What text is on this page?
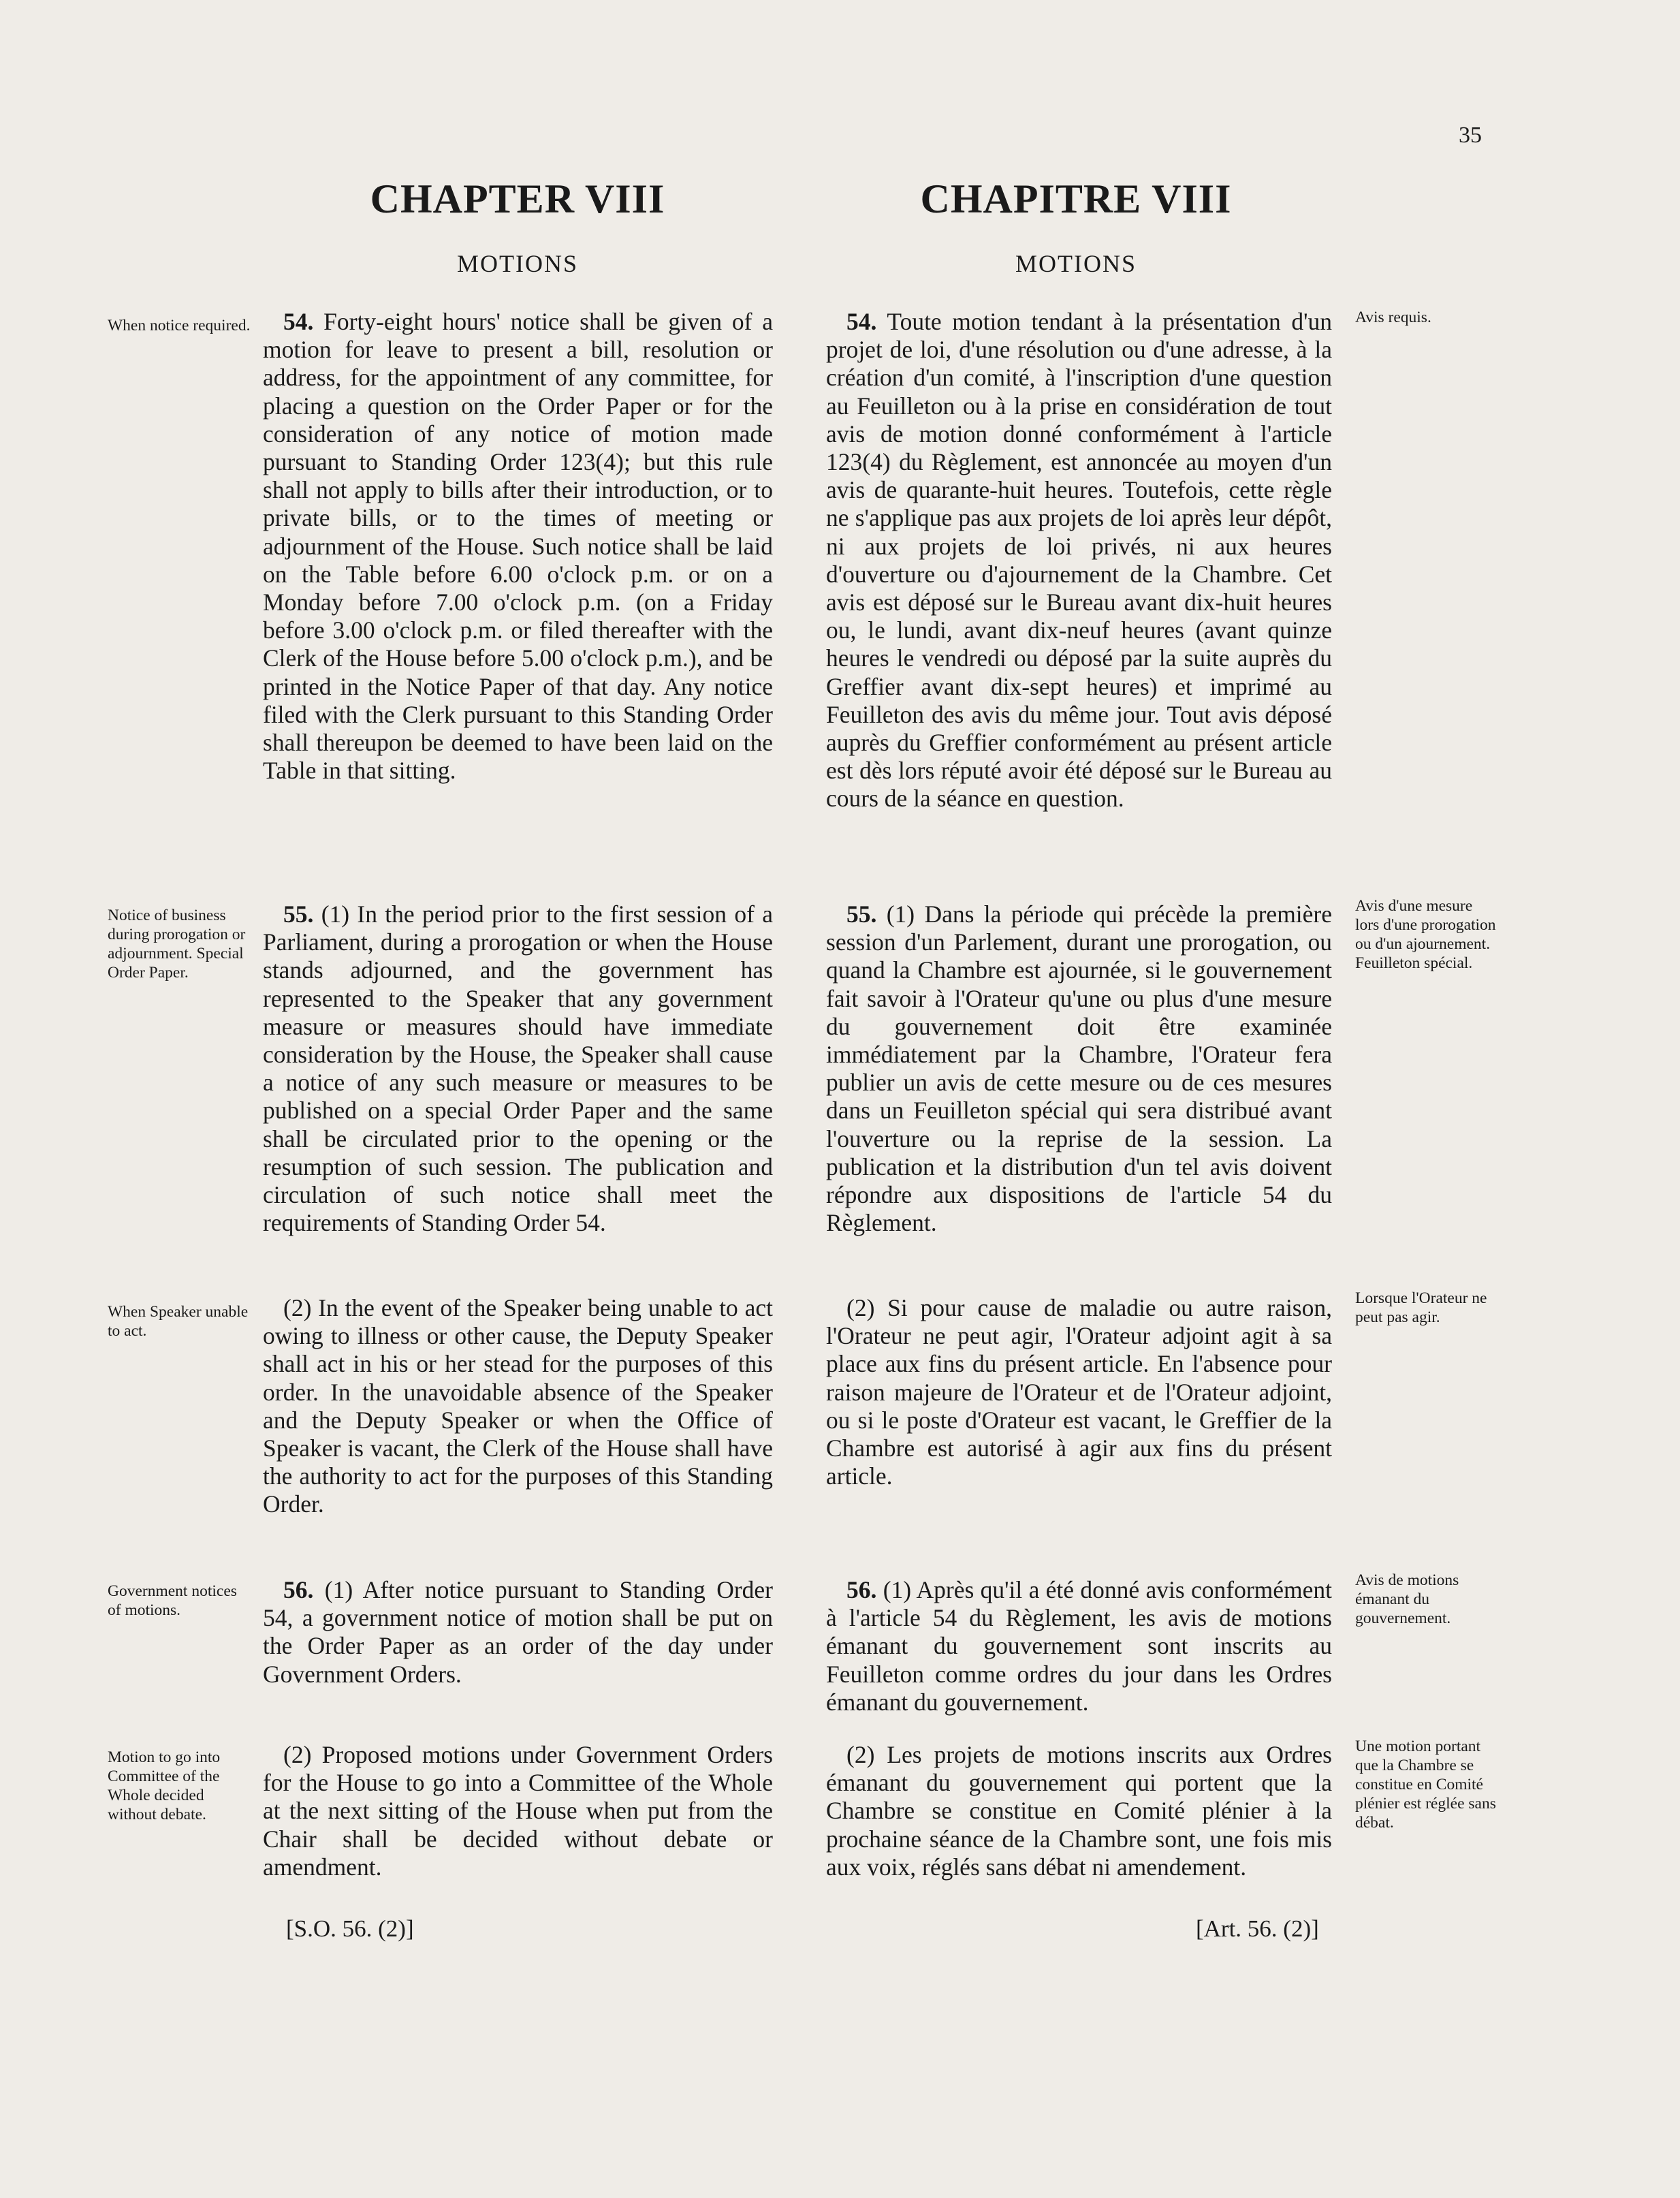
35
CHAPTER VIII
MOTIONS
CHAPITRE VIII
MOTIONS

When notice required.

Notice of business during prorogation or adjournment. Special Order Paper.

When Speaker unable to act.

Government notices of motions.

Motion to go into Committee of the Whole decided without debate.

54. Forty-eight hours' notice shall be given of a motion for leave to present a bill, resolution or address, for the appointment of any committee, for placing a question on the Order Paper or for the consideration of any notice of motion made pursuant to Standing Order 123(4); but this rule shall not apply to bills after their introduction, or to private bills, or to the times of meeting or adjournment of the House. Such notice shall be laid on the Table before 6.00 o'clock p.m. or on a Monday before 7.00 o'clock p.m. (on a Friday before 3.00 o'clock p.m. or filed thereafter with the Clerk of the House before 5.00 o'clock p.m.), and be printed in the Notice Paper of that day. Any notice filed with the Clerk pursuant to this Standing Order shall thereupon be deemed to have been laid on the Table in that sitting.

55. (1) In the period prior to the first session of a Parliament, during a prorogation or when the House stands adjourned, and the government has represented to the Speaker that any government measure or measures should have immediate consideration by the House, the Speaker shall cause a notice of any such measure or measures to be published on a special Order Paper and the same shall be circulated prior to the opening or the resumption of such session. The publication and circulation of such notice shall meet the requirements of Standing Order 54.

(2) In the event of the Speaker being unable to act owing to illness or other cause, the Deputy Speaker shall act in his or her stead for the purposes of this order. In the unavoidable absence of the Speaker and the Deputy Speaker or when the Office of Speaker is vacant, the Clerk of the House shall have the authority to act for the purposes of this Standing Order.

56. (1) After notice pursuant to Standing Order 54, a government notice of motion shall be put on the Order Paper as an order of the day under Government Orders.

(2) Proposed motions under Government Orders for the House to go into a Committee of the Whole at the next sitting of the House when put from the Chair shall be decided without debate or amendment.

[S.O. 56. (2)]

54. Toute motion tendant à la présentation d'un projet de loi, d'une résolution ou d'une adresse, à la création d'un comité, à l'inscription d'une question au Feuilleton ou à la prise en considération de tout avis de motion donné conformément à l'article 123(4) du Règlement, est annoncée au moyen d'un avis de quarante-huit heures. Toutefois, cette règle ne s'applique pas aux projets de loi après leur dépôt, ni aux projets de loi privés, ni aux heures d'ouverture ou d'ajournement de la Chambre. Cet avis est déposé sur le Bureau avant dix-huit heures ou, le lundi, avant dix-neuf heures (avant quinze heures le vendredi ou déposé par la suite auprès du Greffier avant dix-sept heures) et imprimé au Feuilleton des avis du même jour. Tout avis déposé auprès du Greffier conformément au présent article est dès lors réputé avoir été déposé sur le Bureau au cours de la séance en question.

55. (1) Dans la période qui précède la première session d'un Parlement, durant une prorogation, ou quand la Chambre est ajournée, si le gouvernement fait savoir à l'Orateur qu'une ou plus d'une mesure du gouvernement doit être examinée immédiatement par la Chambre, l'Orateur fera publier un avis de cette mesure ou de ces mesures dans un Feuilleton spécial qui sera distribué avant l'ouverture ou la reprise de la session. La publication et la distribution d'un tel avis doivent répondre aux dispositions de l'article 54 du Règlement.

(2) Si pour cause de maladie ou autre raison, l'Orateur ne peut agir, l'Orateur adjoint agit à sa place aux fins du présent article. En l'absence pour raison majeure de l'Orateur et de l'Orateur adjoint, ou si le poste d'Orateur est vacant, le Greffier de la Chambre est autorisé à agir aux fins du présent article.

56. (1) Après qu'il a été donné avis conformément à l'article 54 du Règlement, les avis de motions émanant du gouvernement sont inscrits au Feuilleton comme ordres du jour dans les Ordres émanant du gouvernement.

(2) Les projets de motions inscrits aux Ordres émanant du gouvernement qui portent que la Chambre se constitue en Comité plénier à la prochaine séance de la Chambre sont, une fois mis aux voix, réglés sans débat ni amendement.

[Art. 56. (2)]

Avis requis.

Avis d'une mesure lors d'une prorogation ou d'un ajournement. Feuilleton spécial.

Lorsque l'Orateur ne peut pas agir.

Avis de motions émanant du gouvernement.

Une motion portant que la Chambre se constitue en Comité plénier est réglée sans débat.
